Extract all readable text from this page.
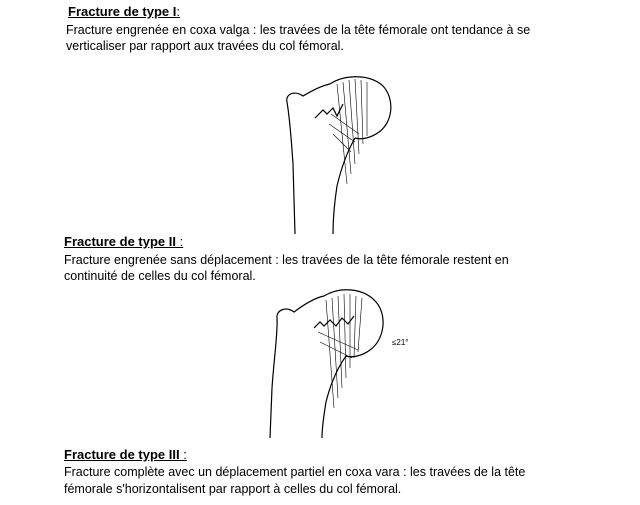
Fracture de type I:
Fracture engrenée en coxa valga : les travées de la tête fémorale ont tendance à se
verticaliser par rapport aux travées du col fémoral.
Fracture de type II :
Fracture engrenée sans déplacement : les travées de la tête fémorale restent en
continuité de celles du col fémoral.
≤21°
Fracture de type III :
Fracture complète avec un déplacement partiel en coxa vara : les travées de la tête
fémorale s'horizontalisent par rapport à celles du col fémoral.
